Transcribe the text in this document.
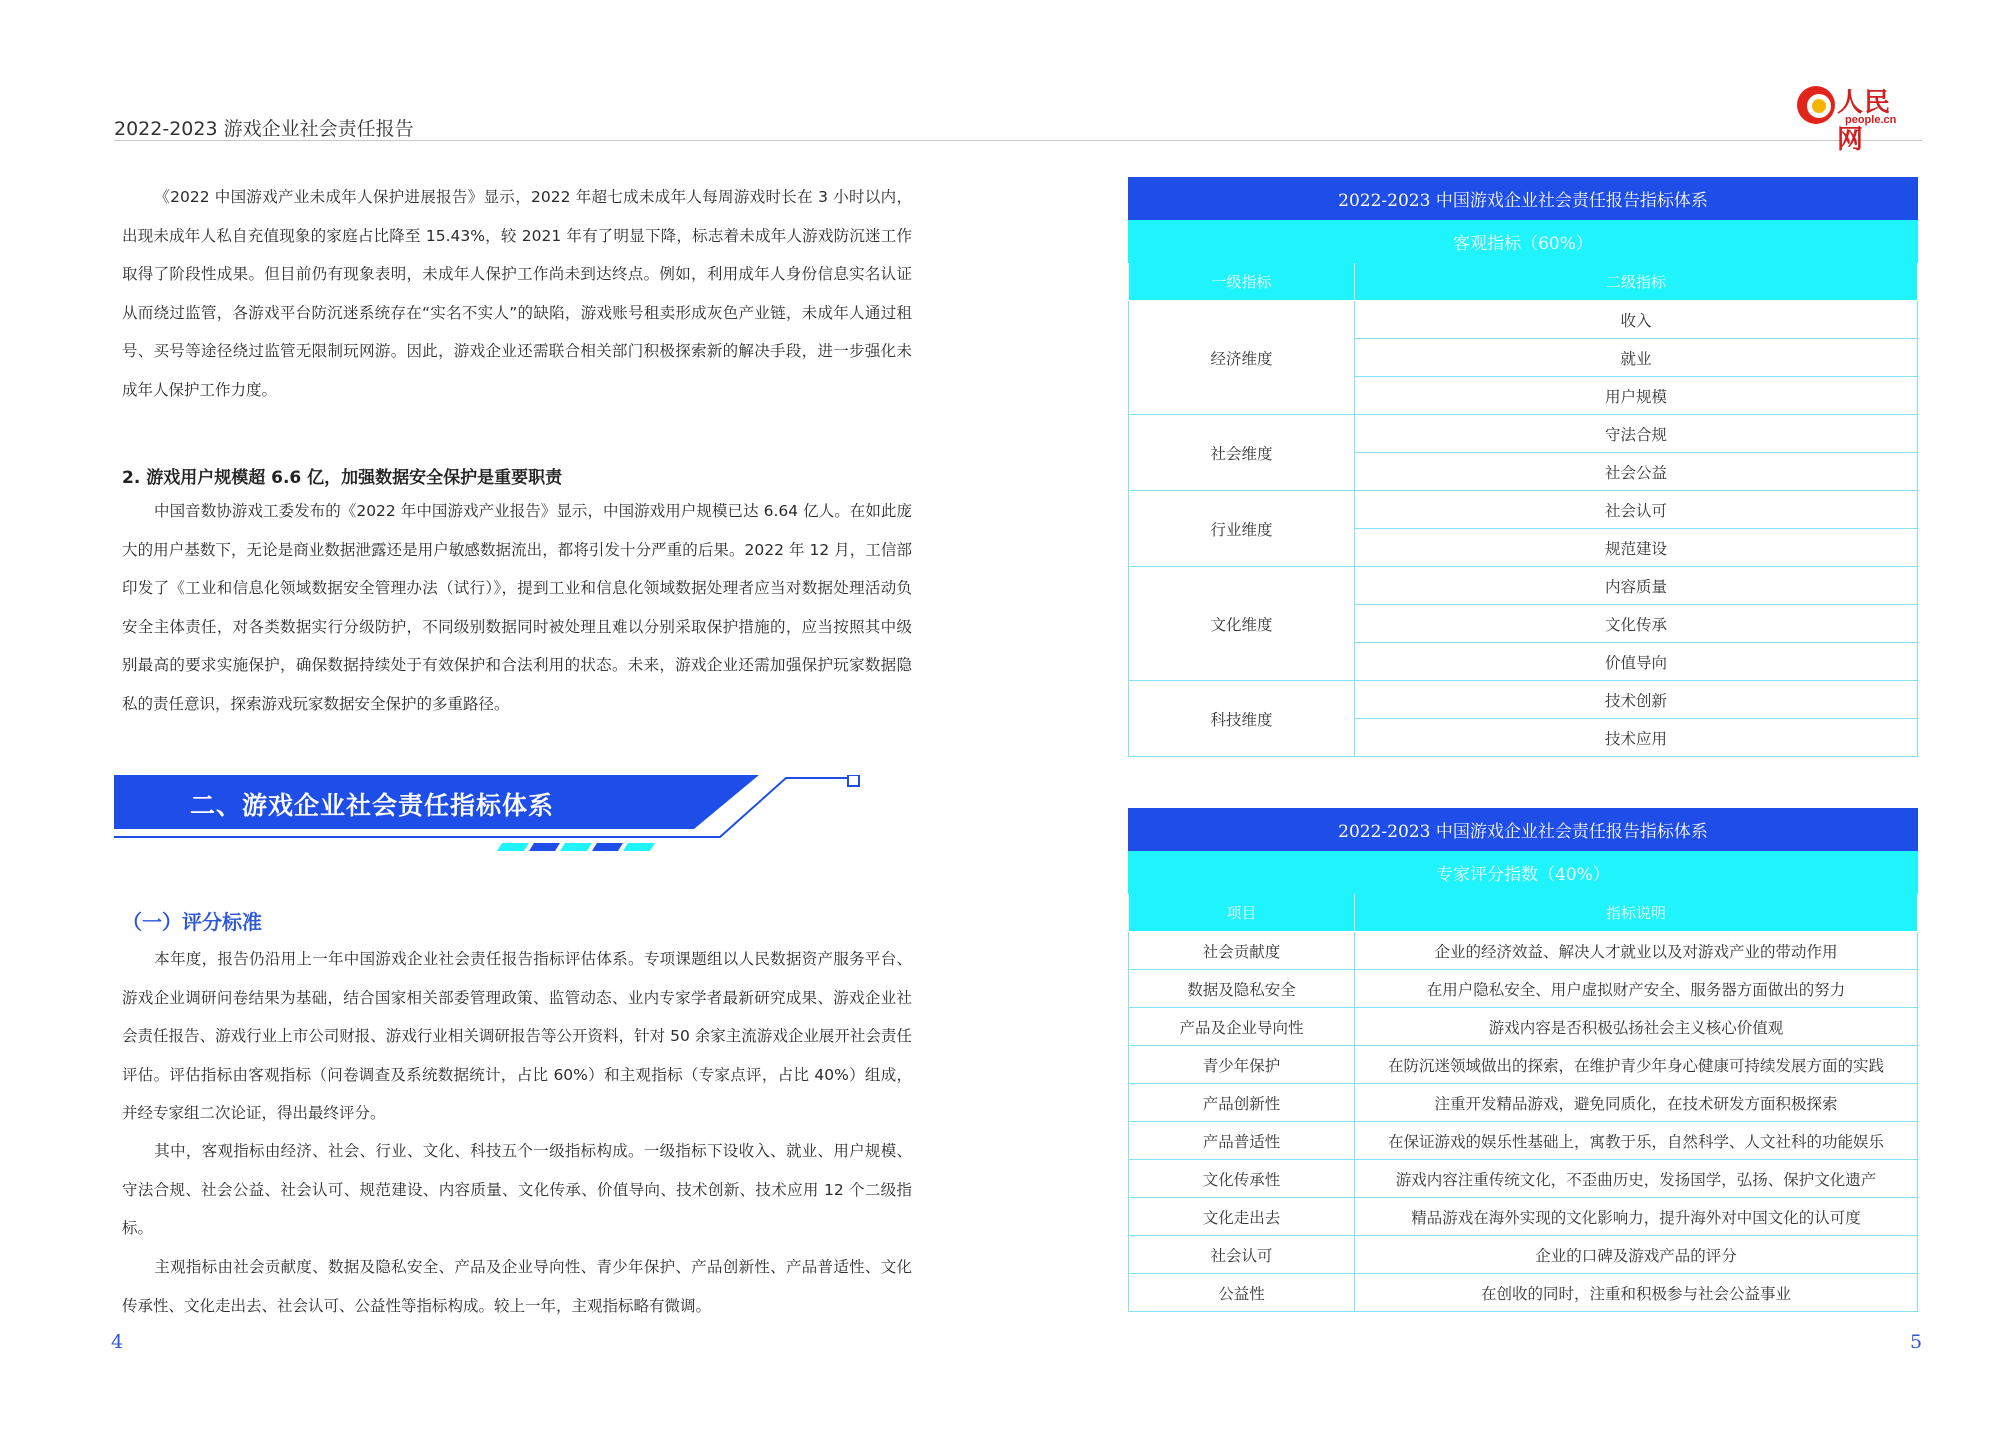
2022-2023 游戏企业社会责任报告
人民网
people.cn

《2022 中国游戏产业未成年人保护进展报告》显示，2022 年超七成未成年人每周游戏时长在 3 小时以内，出现未成年人私自充值现象的家庭占比降至 15.43%，较 2021 年有了明显下降，标志着未成年人游戏防沉迷工作取得了阶段性成果。但目前仍有现象表明，未成年人保护工作尚未到达终点。例如，利用成年人身份信息实名认证从而绕过监管，各游戏平台防沉迷系统存在“实名不实人”的缺陷，游戏账号租卖形成灰色产业链，未成年人通过租号、买号等途径绕过监管无限制玩网游。因此，游戏企业还需联合相关部门积极探索新的解决手段，进一步强化未成年人保护工作力度。

2. 游戏用户规模超 6.6 亿，加强数据安全保护是重要职责

中国音数协游戏工委发布的《2022 年中国游戏产业报告》显示，中国游戏用户规模已达 6.64 亿人。在如此庞大的用户基数下，无论是商业数据泄露还是用户敏感数据流出，都将引发十分严重的后果。2022 年 12 月，工信部印发了《工业和信息化领域数据安全管理办法（试行）》，提到工业和信息化领域数据处理者应当对数据处理活动负安全主体责任，对各类数据实行分级防护，不同级别数据同时被处理且难以分别采取保护措施的，应当按照其中级别最高的要求实施保护，确保数据持续处于有效保护和合法利用的状态。未来，游戏企业还需加强保护玩家数据隐私的责任意识，探索游戏玩家数据安全保护的多重路径。

二、游戏企业社会责任指标体系
（一）评分标准

本年度，报告仍沿用上一年中国游戏企业社会责任报告指标评估体系。专项课题组以人民数据资产服务平台、游戏企业调研问卷结果为基础，结合国家相关部委管理政策、监管动态、业内专家学者最新研究成果、游戏企业社会责任报告、游戏行业上市公司财报、游戏行业相关调研报告等公开资料，针对 50 余家主流游戏企业展开社会责任评估。评估指标由客观指标（问卷调查及系统数据统计，占比 60%）和主观指标（专家点评，占比 40%）组成，并经专家组二次论证，得出最终评分。

其中，客观指标由经济、社会、行业、文化、科技五个一级指标构成。一级指标下设收入、就业、用户规模、守法合规、社会公益、社会认可、规范建设、内容质量、文化传承、价值导向、技术创新、技术应用 12 个二级指标。

主观指标由社会贡献度、数据及隐私安全、产品及企业导向性、青少年保护、产品创新性、产品普适性、文化传承性、文化走出去、社会认可、公益性等指标构成。较上一年，主观指标略有微调。

4
2022-2023 中国游戏企业社会责任报告指标体系	
客观指标（60%）	
一级指标	二级指标
经济维度	收入
	就业
	用户规模
社会维度	守法合规
	社会公益
行业维度	社会认可
	规范建设
文化维度	内容质量
	文化传承
	价值导向
科技维度	技术创新
	技术应用
2022-2023 中国游戏企业社会责任报告指标体系	
专家评分指数（40%）	
项目	指标说明
社会贡献度	企业的经济效益、解决人才就业以及对游戏产业的带动作用
数据及隐私安全	在用户隐私安全、用户虚拟财产安全、服务器方面做出的努力
产品及企业导向性	游戏内容是否积极弘扬社会主义核心价值观
青少年保护	在防沉迷领域做出的探索，在维护青少年身心健康可持续发展方面的实践
产品创新性	注重开发精品游戏，避免同质化，在技术研发方面积极探索
产品普适性	在保证游戏的娱乐性基础上，寓教于乐，自然科学、人文社科的功能娱乐
文化传承性	游戏内容注重传统文化，不歪曲历史，发扬国学，弘扬、保护文化遗产
文化走出去	精品游戏在海外实现的文化影响力，提升海外对中国文化的认可度
社会认可	企业的口碑及游戏产品的评分
公益性	在创收的同时，注重和积极参与社会公益事业
5
